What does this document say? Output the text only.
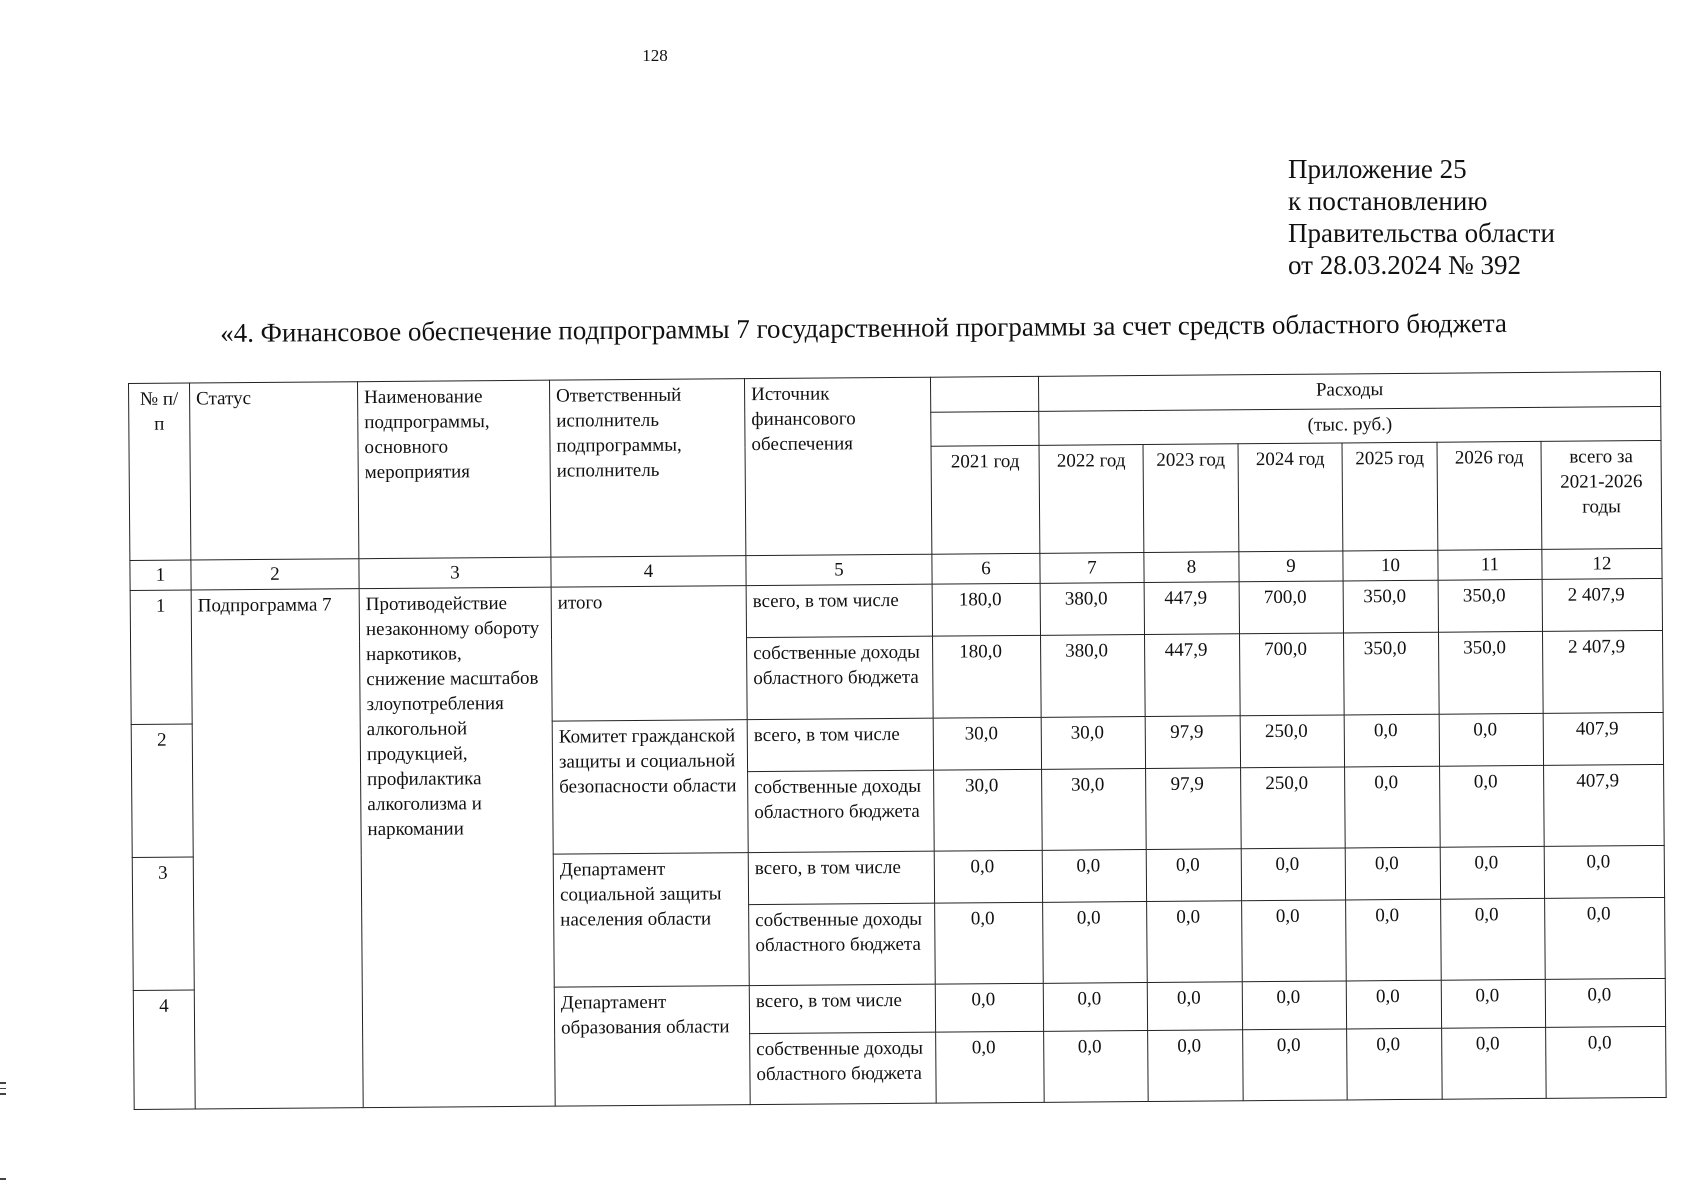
128
Приложение 25
к постановлению
Правительства области
от 28.03.2024 № 392
«4. Финансовое обеспечение подпрограммы 7 государственной программы за счет средств областного бюджета
№ п/п	Статус	Наименование подпрограммы, основного мероприятия	Ответственный исполнитель подпрограммы, исполнитель	Источник финансового обеспечения		Расходы					
						(тыс. руб.)					
					2021 год	2022 год	2023 год	2024 год	2025 год	2026 год	всего за 2021-2026 годы
1	2	3	4	5	6	7	8	9	10	11	12
1	Подпрограмма 7	Противодействие незаконному обороту наркотиков, снижение масштабов злоупотребления алкогольной продукцией, профилактика алкоголизма и наркомании	итого	всего, в том числе	180,0	380,0	447,9	700,0	350,0	350,0	2 407,9
				собственные доходы областного бюджета	180,0	380,0	447,9	700,0	350,0	350,0	2 407,9
2			Комитет гражданской защиты и социальной безопасности области	всего, в том числе	30,0	30,0	97,9	250,0	0,0	0,0	407,9
				собственные доходы областного бюджета	30,0	30,0	97,9	250,0	0,0	0,0	407,9
3			Департамент социальной защиты населения области	всего, в том числе	0,0	0,0	0,0	0,0	0,0	0,0	0,0
				собственные доходы областного бюджета	0,0	0,0	0,0	0,0	0,0	0,0	0,0
4			Департамент образования области	всего, в том числе	0,0	0,0	0,0	0,0	0,0	0,0	0,0
				собственные доходы областного бюджета	0,0	0,0	0,0	0,0	0,0	0,0	0,0
